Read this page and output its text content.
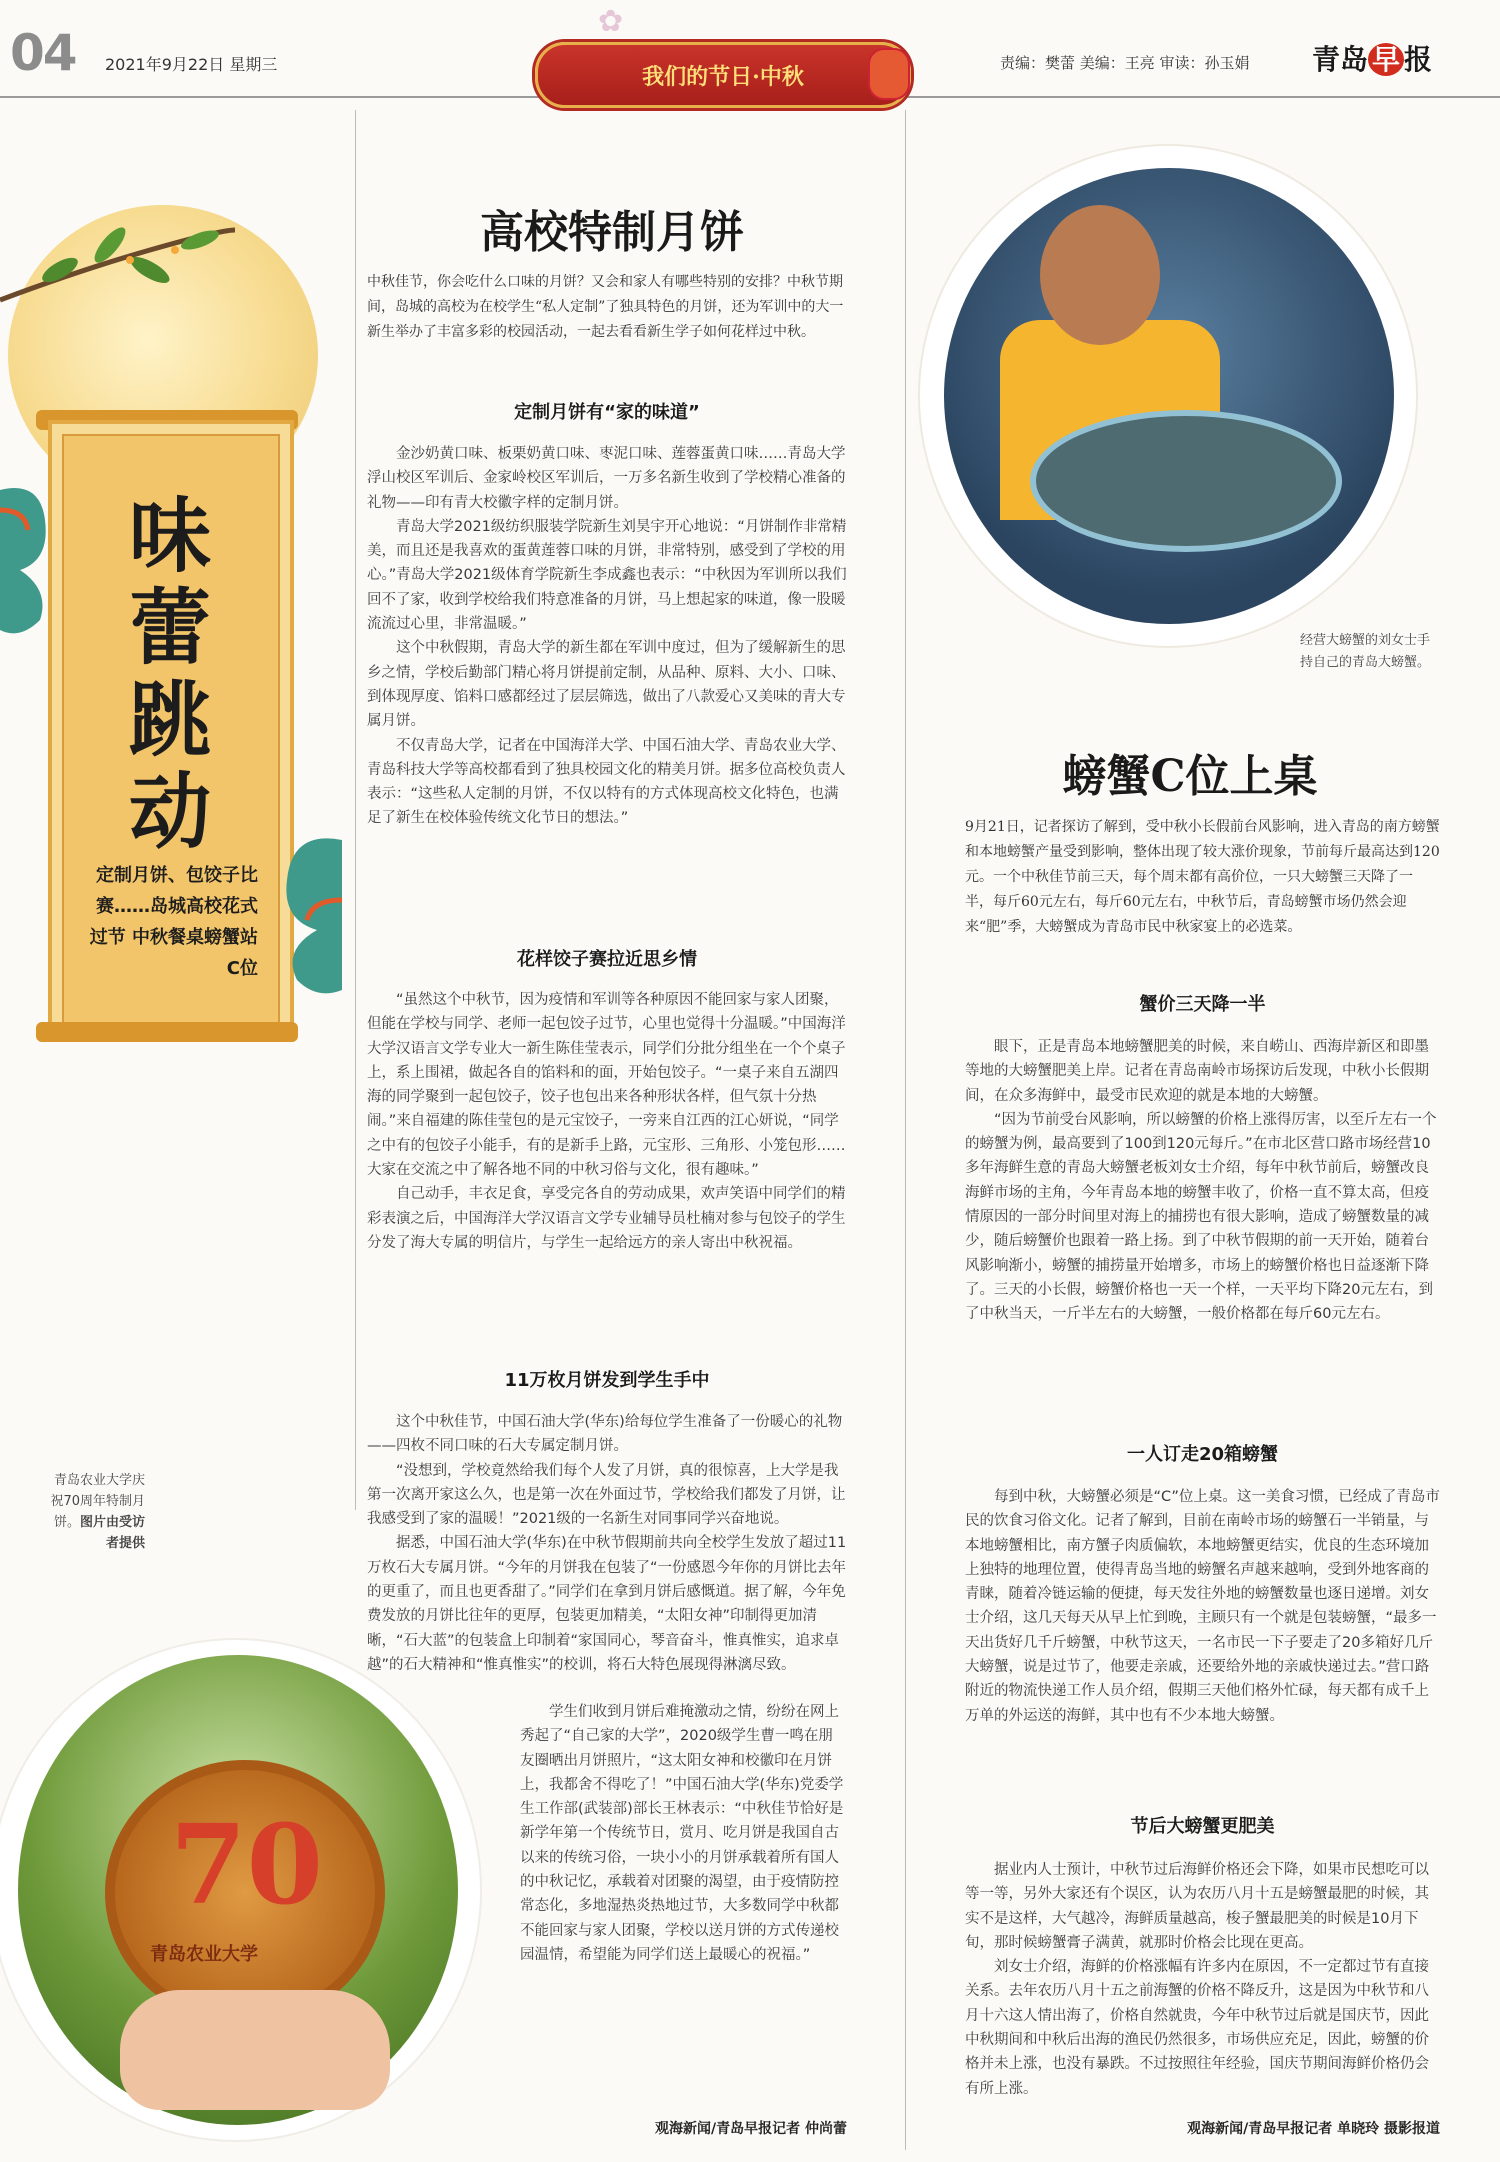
04 2021年9月22日 星期三
✿
我们的节日·中秋
责编：樊蕾 美编：王亮 审读：孙玉娟 青岛 早 报
味蕾跳动
定制月饼、包饺子比赛……岛城高校花式过节 中秋餐桌螃蟹站C位
青岛农业大学庆祝70周年特制月饼。图片由受访者提供
70
青岛农业大学
高校特制月饼
中秋佳节，你会吃什么口味的月饼？又会和家人有哪些特别的安排？中秋节期间，岛城的高校为在校学生“私人定制”了独具特色的月饼，还为军训中的大一新生举办了丰富多彩的校园活动，一起去看看新生学子如何花样过中秋。
定制月饼有“家的味道”

金沙奶黄口味、板栗奶黄口味、枣泥口味、莲蓉蛋黄口味……青岛大学浮山校区军训后、金家岭校区军训后，一万多名新生收到了学校精心准备的礼物——印有青大校徽字样的定制月饼。

青岛大学2021级纺织服装学院新生刘昊宇开心地说：“月饼制作非常精美，而且还是我喜欢的蛋黄莲蓉口味的月饼，非常特别，感受到了学校的用心。”青岛大学2021级体育学院新生李成鑫也表示：“中秋因为军训所以我们回不了家，收到学校给我们特意准备的月饼，马上想起家的味道，像一股暖流流过心里，非常温暖。”

这个中秋假期，青岛大学的新生都在军训中度过，但为了缓解新生的思乡之情，学校后勤部门精心将月饼提前定制，从品种、原料、大小、口味、到体现厚度、馅料口感都经过了层层筛选，做出了八款爱心又美味的青大专属月饼。

不仅青岛大学，记者在中国海洋大学、中国石油大学、青岛农业大学、青岛科技大学等高校都看到了独具校园文化的精美月饼。据多位高校负责人表示：“这些私人定制的月饼，不仅以特有的方式体现高校文化特色，也满足了新生在校体验传统文化节日的想法。”

花样饺子赛拉近思乡情

“虽然这个中秋节，因为疫情和军训等各种原因不能回家与家人团聚，但能在学校与同学、老师一起包饺子过节，心里也觉得十分温暖。”中国海洋大学汉语言文学专业大一新生陈佳莹表示，同学们分批分组坐在一个个桌子上，系上围裙，做起各自的馅料和的面，开始包饺子。“一桌子来自五湖四海的同学聚到一起包饺子，饺子也包出来各种形状各样，但气氛十分热闹。”来自福建的陈佳莹包的是元宝饺子，一旁来自江西的江心妍说，“同学之中有的包饺子小能手，有的是新手上路，元宝形、三角形、小笼包形……大家在交流之中了解各地不同的中秋习俗与文化，很有趣味。”

自己动手，丰衣足食，享受完各自的劳动成果，欢声笑语中同学们的精彩表演之后，中国海洋大学汉语言文学专业辅导员杜楠对参与包饺子的学生分发了海大专属的明信片，与学生一起给远方的亲人寄出中秋祝福。

11万枚月饼发到学生手中

这个中秋佳节，中国石油大学(华东)给每位学生准备了一份暖心的礼物——四枚不同口味的石大专属定制月饼。

“没想到，学校竟然给我们每个人发了月饼，真的很惊喜，上大学是我第一次离开家这么久，也是第一次在外面过节，学校给我们都发了月饼，让我感受到了家的温暖！”2021级的一名新生对同事同学兴奋地说。

据悉，中国石油大学(华东)在中秋节假期前共向全校学生发放了超过11万枚石大专属月饼。“今年的月饼我在包装了“一份感恩今年你的月饼比去年的更重了，而且也更香甜了。”同学们在拿到月饼后感慨道。据了解，今年免费发放的月饼比往年的更厚，包装更加精美，“太阳女神”印制得更加清晰，“石大蓝”的包装盒上印制着“家国同心，琴音奋斗，惟真惟实，追求卓越”的石大精神和“惟真惟实”的校训，将石大特色展现得淋漓尽致。

学生们收到月饼后难掩激动之情，纷纷在网上秀起了“自己家的大学”，2020级学生曹一鸣在朋友圈晒出月饼照片，“这太阳女神和校徽印在月饼上，我都舍不得吃了！”中国石油大学(华东)党委学生工作部(武装部)部长王林表示：“中秋佳节恰好是新学年第一个传统节日，赏月、吃月饼是我国自古以来的传统习俗，一块小小的月饼承载着所有国人的中秋记忆，承载着对团聚的渴望，由于疫情防控常态化，多地湿热炎热地过节，大多数同学中秋都不能回家与家人团聚，学校以送月饼的方式传递校园温情，希望能为同学们送上最暖心的祝福。”

观海新闻/青岛早报记者 仲尚蕾
经营大螃蟹的刘女士手持自己的青岛大螃蟹。
螃蟹C位上桌
9月21日，记者探访了解到，受中秋小长假前台风影响，进入青岛的南方螃蟹和本地螃蟹产量受到影响，整体出现了较大涨价现象，节前每斤最高达到120元。一个中秋佳节前三天，每个周末都有高价位，一只大螃蟹三天降了一半，每斤60元左右，每斤60元左右，中秋节后，青岛螃蟹市场仍然会迎来“肥”季，大螃蟹成为青岛市民中秋家宴上的必选菜。
蟹价三天降一半

眼下，正是青岛本地螃蟹肥美的时候，来自崂山、西海岸新区和即墨等地的大螃蟹肥美上岸。记者在青岛南岭市场探访后发现，中秋小长假期间，在众多海鲜中，最受市民欢迎的就是本地的大螃蟹。

“因为节前受台风影响，所以螃蟹的价格上涨得厉害，以至斤左右一个的螃蟹为例，最高要到了100到120元每斤。”在市北区营口路市场经营10多年海鲜生意的青岛大螃蟹老板刘女士介绍，每年中秋节前后，螃蟹改良海鲜市场的主角，今年青岛本地的螃蟹丰收了，价格一直不算太高，但疫情原因的一部分时间里对海上的捕捞也有很大影响，造成了螃蟹数量的减少，随后螃蟹价也跟着一路上扬。到了中秋节假期的前一天开始，随着台风影响渐小，螃蟹的捕捞量开始增多，市场上的螃蟹价格也日益逐渐下降了。三天的小长假，螃蟹价格也一天一个样，一天平均下降20元左右，到了中秋当天，一斤半左右的大螃蟹，一般价格都在每斤60元左右。

一人订走20箱螃蟹

每到中秋，大螃蟹必须是“C”位上桌。这一美食习惯，已经成了青岛市民的饮食习俗文化。记者了解到，目前在南岭市场的螃蟹石一半销量，与本地螃蟹相比，南方蟹子肉质偏软，本地螃蟹更结实，优良的生态环境加上独特的地理位置，使得青岛当地的螃蟹名声越来越响，受到外地客商的青睐，随着冷链运输的便捷，每天发往外地的螃蟹数量也逐日递增。刘女士介绍，这几天每天从早上忙到晚，主顾只有一个就是包装螃蟹，“最多一天出货好几千斤螃蟹，中秋节这天，一名市民一下子要走了20多箱好几斤大螃蟹，说是过节了，他要走亲戚，还要给外地的亲戚快递过去。”营口路附近的物流快递工作人员介绍，假期三天他们格外忙碌，每天都有成千上万单的外运送的海鲜，其中也有不少本地大螃蟹。

节后大螃蟹更肥美

据业内人士预计，中秋节过后海鲜价格还会下降，如果市民想吃可以等一等，另外大家还有个误区，认为农历八月十五是螃蟹最肥的时候，其实不是这样，大气越冷，海鲜质量越高，梭子蟹最肥美的时候是10月下旬，那时候螃蟹膏子满黄，就那时价格会比现在更高。

刘女士介绍，海鲜的价格涨幅有许多内在原因，不一定都过节有直接关系。去年农历八月十五之前海蟹的价格不降反升，这是因为中秋节和八月十六这人情出海了，价格自然就贵，今年中秋节过后就是国庆节，因此中秋期间和中秋后出海的渔民仍然很多，市场供应充足，因此，螃蟹的价格并未上涨，也没有暴跌。不过按照往年经验，国庆节期间海鲜价格仍会有所上涨。

观海新闻/青岛早报记者 单晓玲 摄影报道
